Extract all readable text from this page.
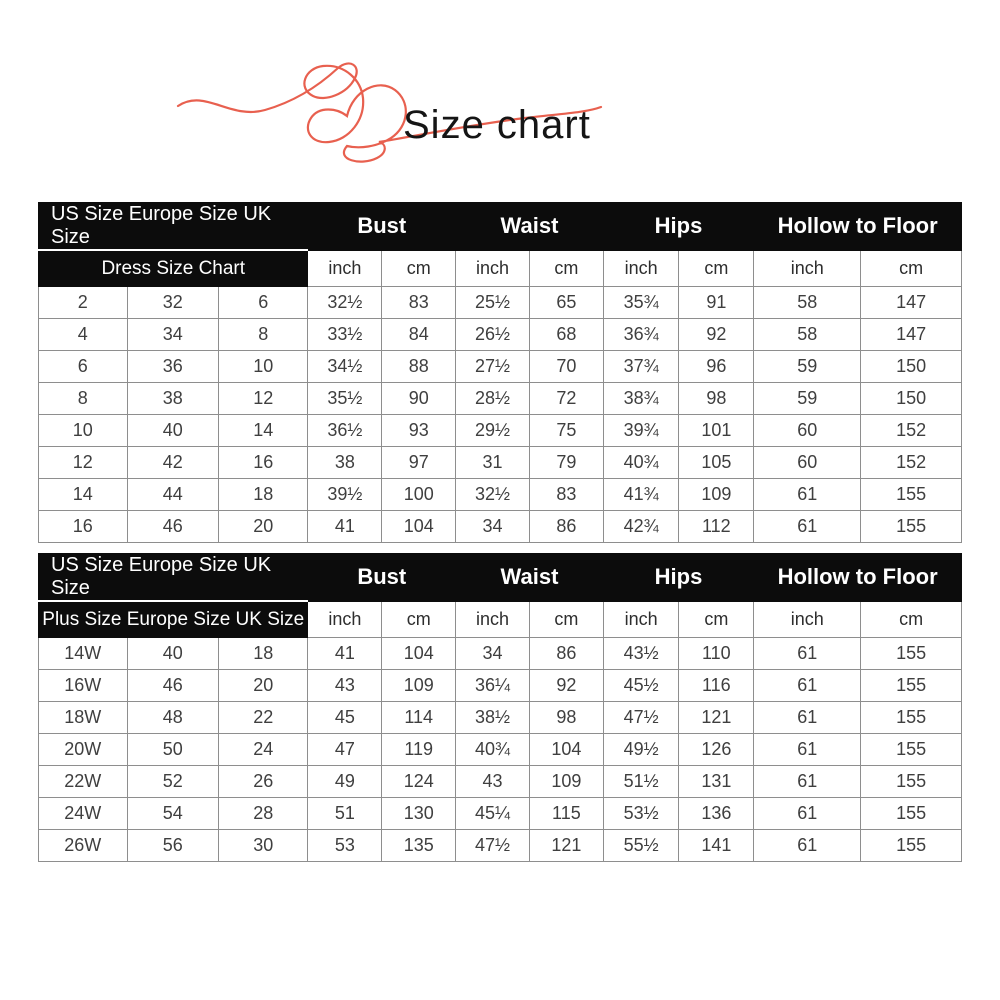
Size chart
US Size Europe Size UK Size			Bust		Waist		Hips		Hollow to Floor	
Dress Size Chart			inch	cm	inch	cm	inch	cm	inch	cm
2	32	6	32½	83	25½	65	35¾	91	58	147
4	34	8	33½	84	26½	68	36¾	92	58	147
6	36	10	34½	88	27½	70	37¾	96	59	150
8	38	12	35½	90	28½	72	38¾	98	59	150
10	40	14	36½	93	29½	75	39¾	101	60	152
12	42	16	38	97	31	79	40¾	105	60	152
14	44	18	39½	100	32½	83	41¾	109	61	155
16	46	20	41	104	34	86	42¾	112	61	155
US Size Europe Size UK Size			Bust		Waist		Hips		Hollow to Floor	
Plus Size Europe Size UK Size			inch	cm	inch	cm	inch	cm	inch	cm
14W	40	18	41	104	34	86	43½	110	61	155
16W	46	20	43	109	36¼	92	45½	116	61	155
18W	48	22	45	114	38½	98	47½	121	61	155
20W	50	24	47	119	40¾	104	49½	126	61	155
22W	52	26	49	124	43	109	51½	131	61	155
24W	54	28	51	130	45¼	115	53½	136	61	155
26W	56	30	53	135	47½	121	55½	141	61	155
